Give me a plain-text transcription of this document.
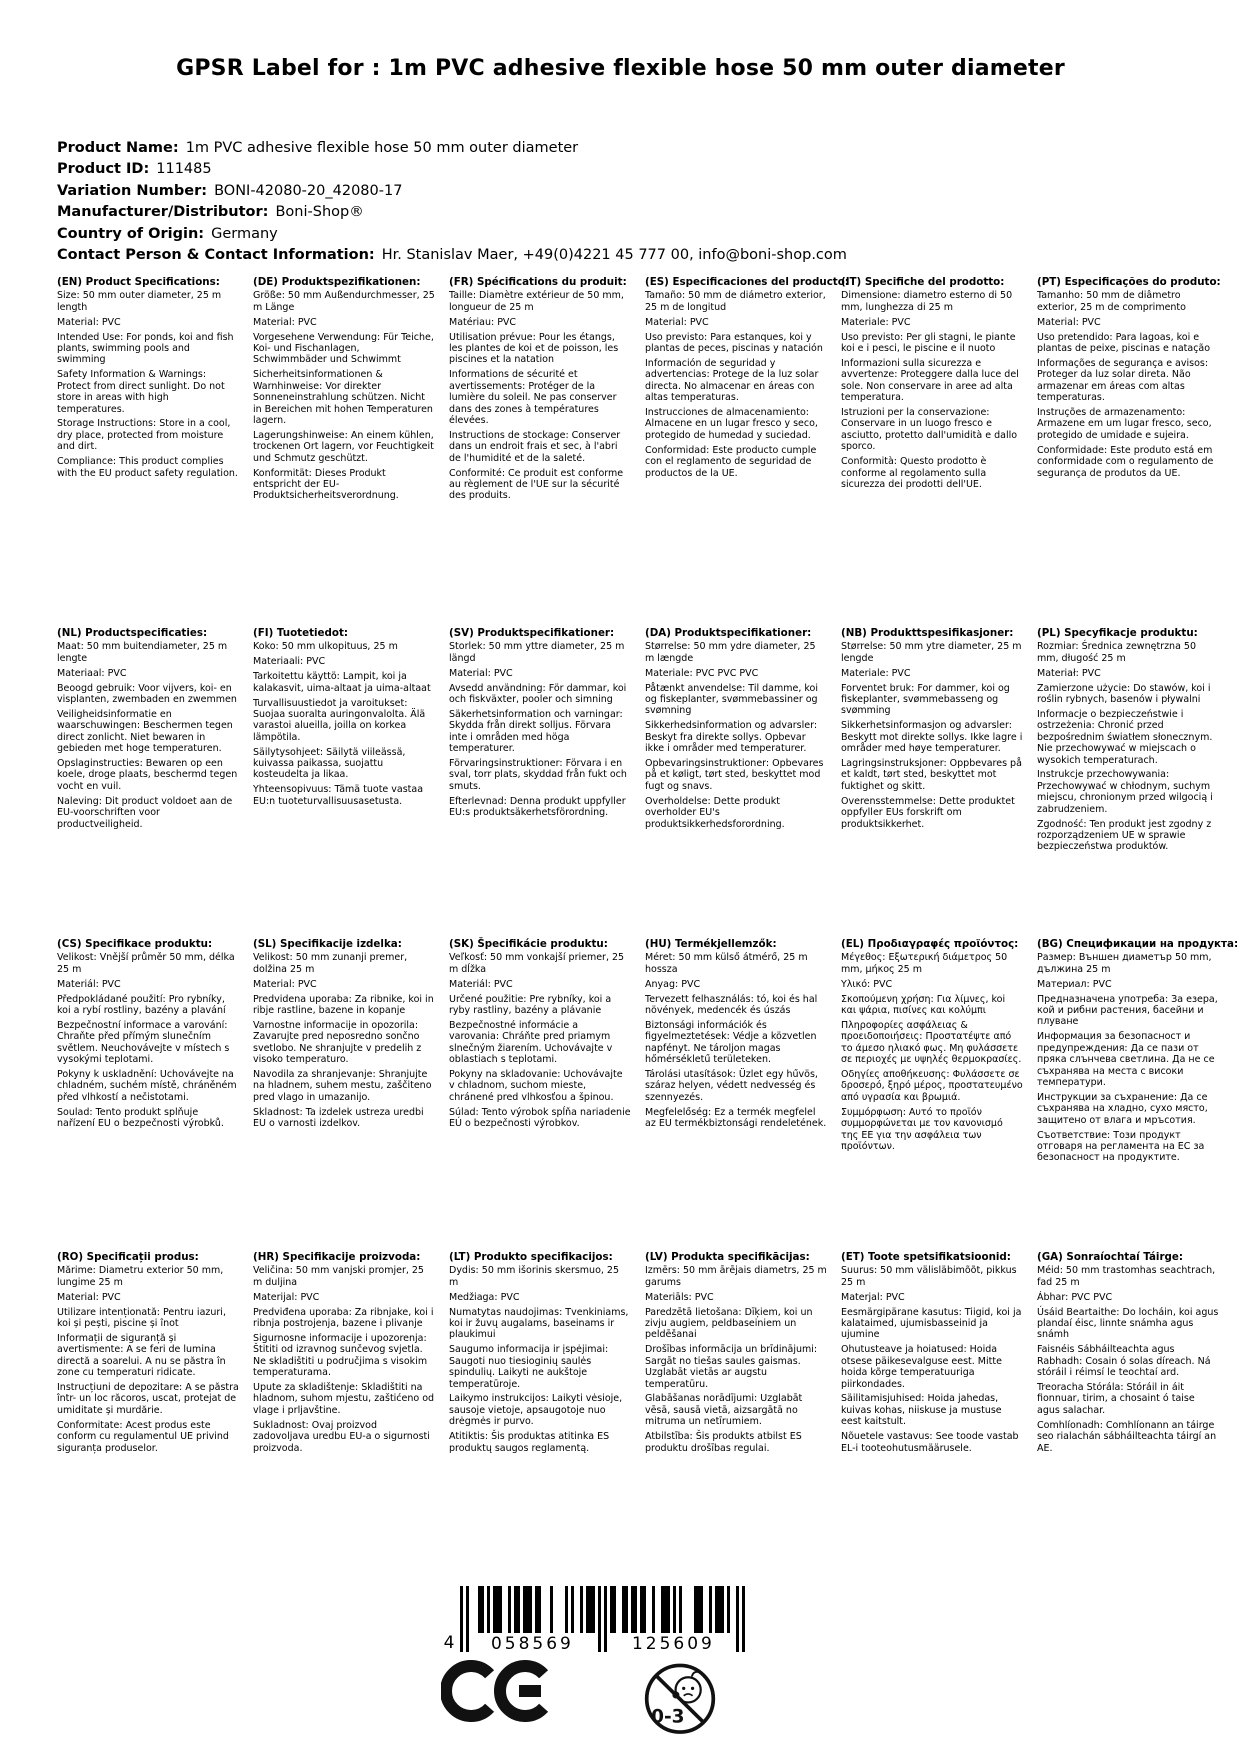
GPSR Label for : 1m PVC adhesive flexible hose 50 mm outer diameter
Product Name: 1m PVC adhesive flexible hose 50 mm outer diameter
Product ID: 111485
Variation Number: BONI-42080-20_42080-17
Manufacturer/Distributor: Boni-Shop®
Country of Origin: Germany
Contact Person & Contact Information: Hr. Stanislav Maer, +49(0)4221 45 777 00, info@boni-shop.com
(EN) Product Specifications:

Size: 50 mm outer diameter, 25 m length

Material: PVC

Intended Use: For ponds, koi and fish plants, swimming pools and swimming

Safety Information & Warnings: Protect from direct sunlight. Do not store in areas with high temperatures.

Storage Instructions: Store in a cool, dry place, protected from moisture and dirt.

Compliance: This product complies with the EU product safety regulation.

(DE) Produktspezifikationen:

Größe: 50 mm Außendurchmesser, 25 m Länge

Material: PVC

Vorgesehene Verwendung: Für Teiche, Koi- und Fischanlagen, Schwimmbäder und Schwimmt

Sicherheitsinformationen & Warnhinweise: Vor direkter Sonneneinstrahlung schützen. Nicht in Bereichen mit hohen Temperaturen lagern.

Lagerungshinweise: An einem kühlen, trockenen Ort lagern, vor Feuchtigkeit und Schmutz geschützt.

Konformität: Dieses Produkt entspricht der EU-Produktsicherheitsverordnung.

(FR) Spécifications du produit:

Taille: Diamètre extérieur de 50 mm, longueur de 25 m

Matériau: PVC

Utilisation prévue: Pour les étangs, les plantes de koi et de poisson, les piscines et la natation

Informations de sécurité et avertissements: Protéger de la lumière du soleil. Ne pas conserver dans des zones à températures élevées.

Instructions de stockage: Conserver dans un endroit frais et sec, à l'abri de l'humidité et de la saleté.

Conformité: Ce produit est conforme au règlement de l'UE sur la sécurité des produits.

(ES) Especificaciones del producto:

Tamaño: 50 mm de diámetro exterior, 25 m de longitud

Material: PVC

Uso previsto: Para estanques, koi y plantas de peces, piscinas y natación

Información de seguridad y advertencias: Protege de la luz solar directa. No almacenar en áreas con altas temperaturas.

Instrucciones de almacenamiento: Almacene en un lugar fresco y seco, protegido de humedad y suciedad.

Conformidad: Este producto cumple con el reglamento de seguridad de productos de la UE.

(IT) Specifiche del prodotto:

Dimensione: diametro esterno di 50 mm, lunghezza di 25 m

Materiale: PVC

Uso previsto: Per gli stagni, le piante koi e i pesci, le piscine e il nuoto

Informazioni sulla sicurezza e avvertenze: Proteggere dalla luce del sole. Non conservare in aree ad alta temperatura.

Istruzioni per la conservazione: Conservare in un luogo fresco e asciutto, protetto dall'umidità e dallo sporco.

Conformità: Questo prodotto è conforme al regolamento sulla sicurezza dei prodotti dell'UE.

(PT) Especificações do produto:

Tamanho: 50 mm de diâmetro exterior, 25 m de comprimento

Material: PVC

Uso pretendido: Para lagoas, koi e plantas de peixe, piscinas e natação

Informações de segurança e avisos: Proteger da luz solar direta. Não armazenar em áreas com altas temperaturas.

Instruções de armazenamento: Armazene em um lugar fresco, seco, protegido de umidade e sujeira.

Conformidade: Este produto está em conformidade com o regulamento de segurança de produtos da UE.

(NL) Productspecificaties:

Maat: 50 mm buitendiameter, 25 m lengte

Materiaal: PVC

Beoogd gebruik: Voor vijvers, koi- en visplanten, zwembaden en zwemmen

Veiligheidsinformatie en waarschuwingen: Beschermen tegen direct zonlicht. Niet bewaren in gebieden met hoge temperaturen.

Opslaginstructies: Bewaren op een koele, droge plaats, beschermd tegen vocht en vuil.

Naleving: Dit product voldoet aan de EU-voorschriften voor productveiligheid.

(FI) Tuotetiedot:

Koko: 50 mm ulkopituus, 25 m

Materiaali: PVC

Tarkoitettu käyttö: Lampit, koi ja kalakasvit, uima-altaat ja uima-altaat

Turvallisuustiedot ja varoitukset: Suojaa suoralta auringonvalolta. Älä varastoi alueilla, joilla on korkea lämpötila.

Säilytysohjeet: Säilytä viileässä, kuivassa paikassa, suojattu kosteudelta ja likaa.

Yhteensopivuus: Tämä tuote vastaa EU:n tuoteturvallisuusasetusta.

(SV) Produktspecifikationer:

Storlek: 50 mm yttre diameter, 25 m längd

Material: PVC

Avsedd användning: För dammar, koi och fiskväxter, pooler och simning

Säkerhetsinformation och varningar: Skydda från direkt solljus. Förvara inte i områden med höga temperaturer.

Förvaringsinstruktioner: Förvara i en sval, torr plats, skyddad från fukt och smuts.

Efterlevnad: Denna produkt uppfyller EU:s produktsäkerhetsförordning.

(DA) Produktspecifikationer:

Størrelse: 50 mm ydre diameter, 25 m længde

Materiale: PVC PVC PVC

Påtænkt anvendelse: Til damme, koi og fiskeplanter, svømmebassiner og svømning

Sikkerhedsinformation og advarsler: Beskyt fra direkte sollys. Opbevar ikke i områder med temperaturer.

Opbevaringsinstruktioner: Opbevares på et køligt, tørt sted, beskyttet mod fugt og snavs.

Overholdelse: Dette produkt overholder EU's produktsikkerhedsforordning.

(NB) Produkttspesifikasjoner:

Størrelse: 50 mm ytre diameter, 25 m lengde

Materiale: PVC

Forventet bruk: For dammer, koi og fiskeplanter, svømmebasseng og svømming

Sikkerhetsinformasjon og advarsler: Beskytt mot direkte sollys. Ikke lagre i områder med høye temperaturer.

Lagringsinstruksjoner: Oppbevares på et kaldt, tørt sted, beskyttet mot fuktighet og skitt.

Overensstemmelse: Dette produktet oppfyller EUs forskrift om produktsikkerhet.

(PL) Specyfikacje produktu:

Rozmiar: Średnica zewnętrzna 50 mm, długość 25 m

Materiał: PVC

Zamierzone użycie: Do stawów, koi i roślin rybnych, basenów i pływalni

Informacje o bezpieczeństwie i ostrzeżenia: Chronić przed bezpośrednim światłem słonecznym. Nie przechowywać w miejscach o wysokich temperaturach.

Instrukcje przechowywania: Przechowywać w chłodnym, suchym miejscu, chronionym przed wilgocią i zabrudzeniem.

Zgodność: Ten produkt jest zgodny z rozporządzeniem UE w sprawie bezpieczeństwa produktów.

(CS) Specifikace produktu:

Velikost: Vnější průměr 50 mm, délka 25 m

Materiál: PVC

Předpokládané použití: Pro rybníky, koi a rybí rostliny, bazény a plavání

Bezpečnostní informace a varování: Chraňte před přímým slunečním světlem. Neuchovávejte v místech s vysokými teplotami.

Pokyny k uskladnění: Uchovávejte na chladném, suchém místě, chráněném před vlhkostí a nečistotami.

Soulad: Tento produkt splňuje nařízení EU o bezpečnosti výrobků.

(SL) Specifikacije izdelka:

Velikost: 50 mm zunanji premer, dolžina 25 m

Material: PVC

Predvidena uporaba: Za ribnike, koi in ribje rastline, bazene in kopanje

Varnostne informacije in opozorila: Zavarujte pred neposredno sončno svetlobo. Ne shranjujte v predelih z visoko temperaturo.

Navodila za shranjevanje: Shranjujte na hladnem, suhem mestu, zaščiteno pred vlago in umazanijo.

Skladnost: Ta izdelek ustreza uredbi EU o varnosti izdelkov.

(SK) Špecifikácie produktu:

Veľkosť: 50 mm vonkajší priemer, 25 m dĺžka

Materiál: PVC

Určené použitie: Pre rybníky, koi a ryby rastliny, bazény a plávanie

Bezpečnostné informácie a varovania: Chráňte pred priamym slnečným žiarením. Uchovávajte v oblastiach s teplotami.

Pokyny na skladovanie: Uchovávajte v chladnom, suchom mieste, chránené pred vlhkosťou a špinou.

Súlad: Tento výrobok spĺňa nariadenie EÚ o bezpečnosti výrobkov.

(HU) Termékjellemzők:

Méret: 50 mm külső átmérő, 25 m hossza

Anyag: PVC

Tervezett felhasználás: tó, koi és hal növények, medencék és úszás

Biztonsági információk és figyelmeztetések: Védje a közvetlen napfényt. Ne tároljon magas hőmérsékletű területeken.

Tárolási utasítások: Üzlet egy hűvös, száraz helyen, védett nedvesség és szennyezés.

Megfelelőség: Ez a termék megfelel az EU termékbiztonsági rendeletének.

(EL) Προδιαγραφές προϊόντος:

Μέγεθος: Εξωτερική διάμετρος 50 mm, μήκος 25 m

Υλικό: PVC

Σκοπούμενη χρήση: Για λίμνες, koi και ψάρια, πισίνες και κολύμπι

Πληροφορίες ασφάλειας & προειδοποιήσεις: Προστατέψτε από το άμεσο ηλιακό φως. Μη φυλάσσετε σε περιοχές με υψηλές θερμοκρασίες.

Οδηγίες αποθήκευσης: Φυλάσσετε σε δροσερό, ξηρό μέρος, προστατευμένο από υγρασία και βρωμιά.

Συμμόρφωση: Αυτό το προϊόν συμμορφώνεται με τον κανονισμό της ΕΕ για την ασφάλεια των προϊόντων.

(BG) Спецификации на продукта:

Размер: Външен диаметър 50 mm, дължина 25 m

Материал: PVC

Предназначена употреба: За езера, кой и рибни растения, басейни и плуване

Информация за безопасност и предупреждения: Да се пази от пряка слънчева светлина. Да не се съхранява на места с високи температури.

Инструкции за съхранение: Да се съхранява на хладно, сухо място, защитено от влага и мръсотия.

Съответствие: Този продукт отговаря на регламента на ЕС за безопасност на продуктите.

(RO) Specificații produs:

Mărime: Diametru exterior 50 mm, lungime 25 m

Material: PVC

Utilizare intenționată: Pentru iazuri, koi și pești, piscine și înot

Informații de siguranță și avertismente: A se feri de lumina directă a soarelui. A nu se păstra în zone cu temperaturi ridicate.

Instrucțiuni de depozitare: A se păstra într- un loc răcoros, uscat, protejat de umiditate și murdărie.

Conformitate: Acest produs este conform cu regulamentul UE privind siguranța produselor.

(HR) Specifikacije proizvoda:

Veličina: 50 mm vanjski promjer, 25 m duljina

Materijal: PVC

Predviđena uporaba: Za ribnjake, koi i ribnja postrojenja, bazene i plivanje

Sigurnosne informacije i upozorenja: Štititi od izravnog sunčevog svjetla. Ne skladištiti u područjima s visokim temperaturama.

Upute za skladištenje: Skladištiti na hladnom, suhom mjestu, zaštićeno od vlage i prljavštine.

Sukladnost: Ovaj proizvod zadovoljava uredbu EU-a o sigurnosti proizvoda.

(LT) Produkto specifikacijos:

Dydis: 50 mm išorinis skersmuo, 25 m

Medžiaga: PVC

Numatytas naudojimas: Tvenkiniams, koi ir žuvų augalams, baseinams ir plaukimui

Saugumo informacija ir įspėjimai: Saugoti nuo tiesioginių saulės spindulių. Laikyti ne aukštoje temperatūroje.

Laikymo instrukcijos: Laikyti vėsioje, sausoje vietoje, apsaugotoje nuo drėgmės ir purvo.

Atitiktis: Šis produktas atitinka ES produktų saugos reglamentą.

(LV) Produkta specifikācijas:

Izmērs: 50 mm ārējais diametrs, 25 m garums

Materiāls: PVC

Paredzētā lietošana: Dīķiem, koi un zivju augiem, peldbaseiniem un peldēšanai

Drošības informācija un brīdinājumi: Sargāt no tiešas saules gaismas. Uzglabāt vietās ar augstu temperatūru.

Glabāšanas norādījumi: Uzglabāt vēsā, sausā vietā, aizsargātā no mitruma un netīrumiem.

Atbilstība: Šis produkts atbilst ES produktu drošības regulai.

(ET) Toote spetsifikatsioonid:

Suurus: 50 mm välisläbimõõt, pikkus 25 m

Materjal: PVC

Eesmärgipärane kasutus: Tiigid, koi ja kalataimed, ujumisbasseinid ja ujumine

Ohutusteave ja hoiatused: Hoida otsese päikesevalguse eest. Mitte hoida kõrge temperatuuriga piirkondades.

Säilitamisjuhised: Hoida jahedas, kuivas kohas, niiskuse ja mustuse eest kaitstult.

Nõuetele vastavus: See toode vastab EL-i tooteohutusmäärusele.

(GA) Sonraíochtaí Táirge:

Méid: 50 mm trastomhas seachtrach, fad 25 m

Ábhar: PVC PVC

Úsáid Beartaithe: Do locháin, koi agus plandaí éisc, linnte snámha agus snámh

Faisnéis Sábháilteachta agus Rabhadh: Cosain ó solas díreach. Ná stóráil i réimsí le teochtaí ard.

Treoracha Stórála: Stóráil in áit fionnuar, tirim, a chosaint ó taise agus salachar.

Comhlíonadh: Comhlíonann an táirge seo rialachán sábháilteachta táirgí an AE.

4	058569	125609
0-3
